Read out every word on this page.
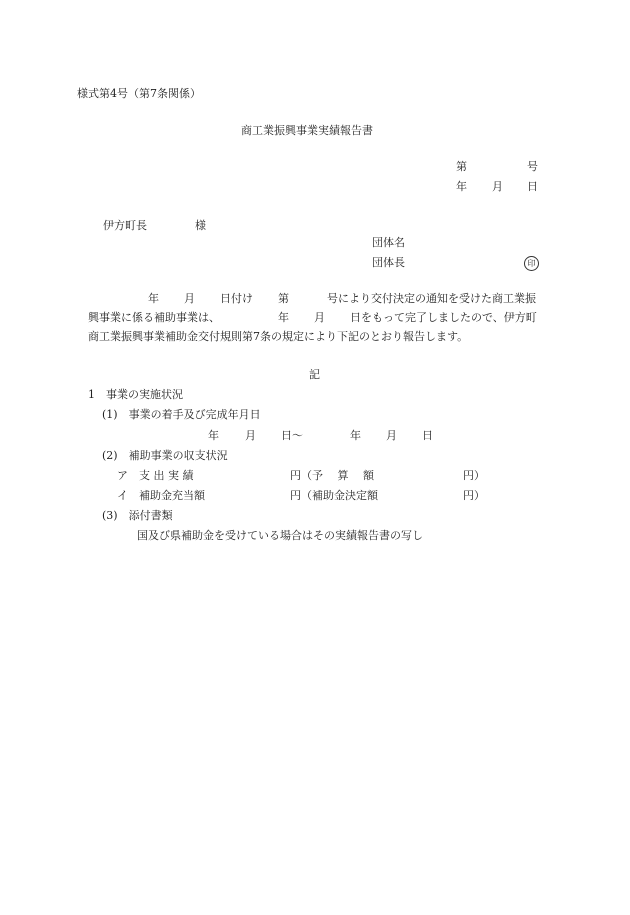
様式第4号（第7条関係）
商工業振興事業実績報告書
第	号
年 月 日
伊方町長	様
団体名
団体長	印
年 月 日付け 第	号により交付決定の通知を受けた商工業振
興事業に係る補助事業は、	年 月 日をもって完了しましたので、伊方町
商工業振興事業補助金交付規則第7条の規定により下記のとおり報告します。
記
1　事業の実施状況
(1)　事業の着手及び完成年月日
年 月 日〜	年 月 日
(2)　補助事業の収支状況
ア　支 出 実 績	円（予　 算 　額	円）
イ　補助金充当額	円（補助金決定額	円）
(3)　添付書類
国及び県補助金を受けている場合はその実績報告書の写し
